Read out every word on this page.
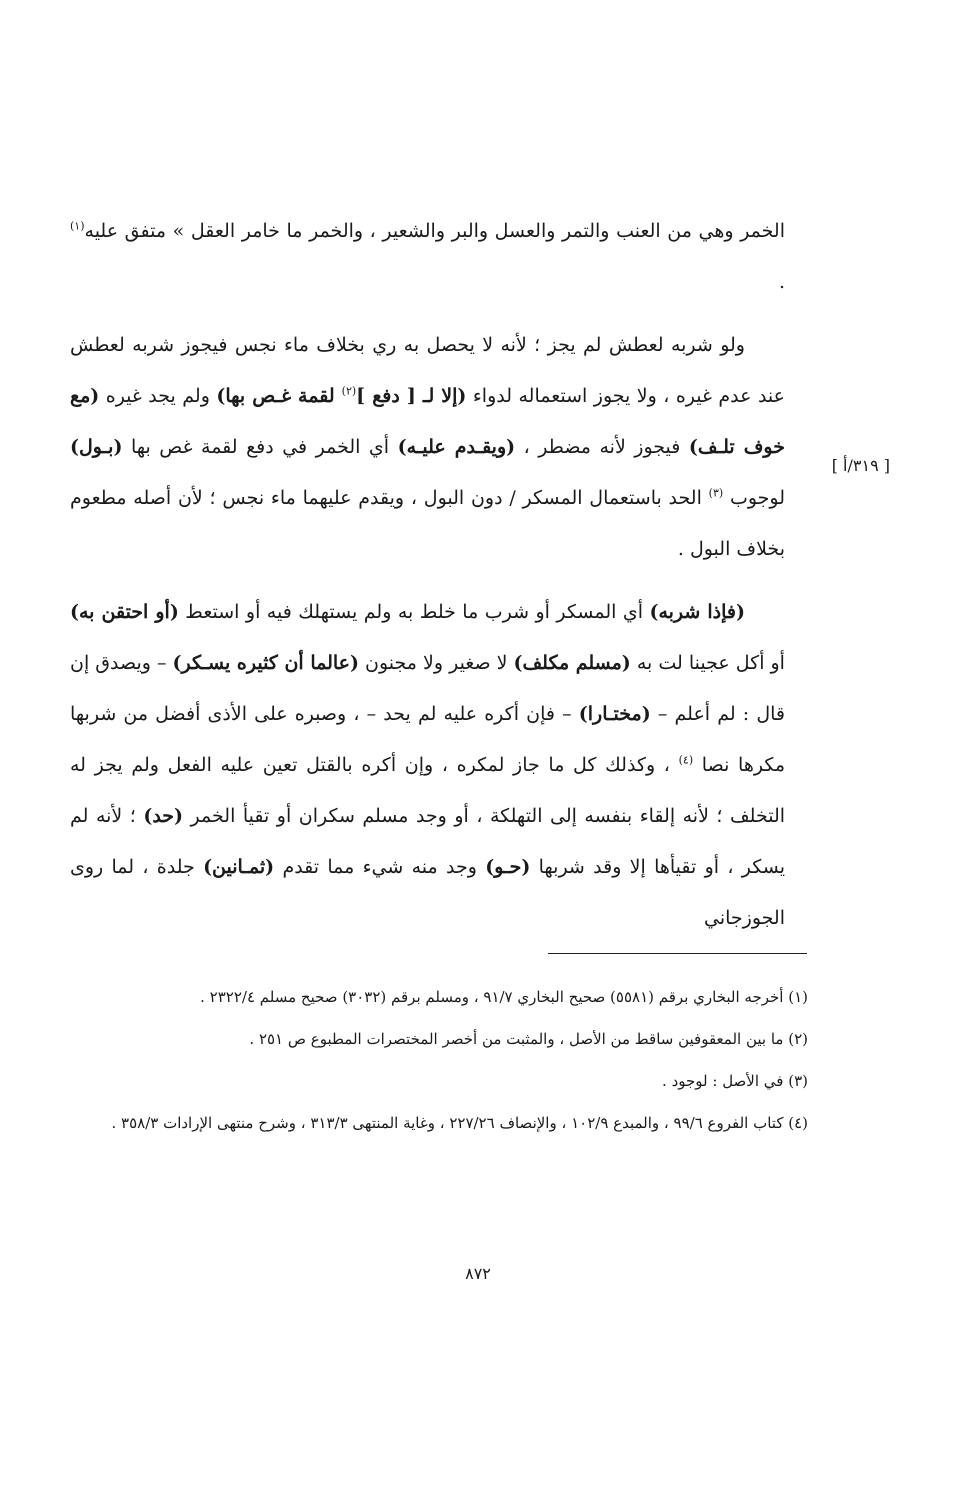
الخمر وهي من العنب والتمر والعسل والبر والشعير ، والخمر ما خامر العقل » متفق عليه$^{(١)}$ .

ولو شربه لعطش لم يجز ؛ لأنه لا يحصل به ري بخلاف ماء نجس فيجوز شربه لعطش عند عدم غيره ، ولا يجوز استعماله لدواء (إلا لـ [ دفع ]$^{(٢)}$ لقمة غـص بها) ولم يجد غيره (مع خوف تلـف) فيجوز لأنه مضطر ، (ويقـدم عليـه) أي الخمر في دفع لقمة غص بها (بـول) لوجوب $^{(٣)}$ الحد باستعمال المسكر / دون البول ، ويقدم عليهما ماء نجس ؛ لأن أصله مطعوم بخلاف البول .

(فإذا شربه) أي المسكر أو شرب ما خلط به ولم يستهلك فيه أو استعط (أو احتقن به) أو أكل عجينا لت به (مسلم مكلف) لا صغير ولا مجنون (عالما أن كثيره يسـكر) – ويصدق إن قال : لم أعلم – (مختـارا) – فإن أكره عليه لم يحد – ، وصبره على الأذى أفضل من شربها مكرها نصا $^{(٤)}$ ، وكذلك كل ما جاز لمكره ، وإن أكره بالقتل تعين عليه الفعل ولم يجز له التخلف ؛ لأنه إلقاء بنفسه إلى التهلكة ، أو وجد مسلم سكران أو تقيأ الخمر (حد) ؛ لأنه لم يسكر ، أو تقيأها إلا وقد شربها (حـو) وجد منه شيء مما تقدم (ثمـانين) جلدة ، لما روى الجوزجاني

[ ٣١٩/أ ]

(١) أخرجه البخاري برقم (٥٥٨١) صحيح البخاري ٩١/٧ ، ومسلم برقم (٣٠٣٢) صحيح مسلم ٢٣٢٢/٤ .

(٢) ما بين المعقوفين ساقط من الأصل ، والمثبت من أخصر المختصرات المطبوع ص ٢٥١ .

(٣) في الأصل : لوجود .

(٤) كتاب الفروع ٩٩/٦ ، والمبدع ١٠٢/٩ ، والإنصاف ٢٢٧/٢٦ ، وغاية المنتهى ٣١٣/٣ ، وشرح منتهى الإرادات ٣٥٨/٣ .

٨٧٢
